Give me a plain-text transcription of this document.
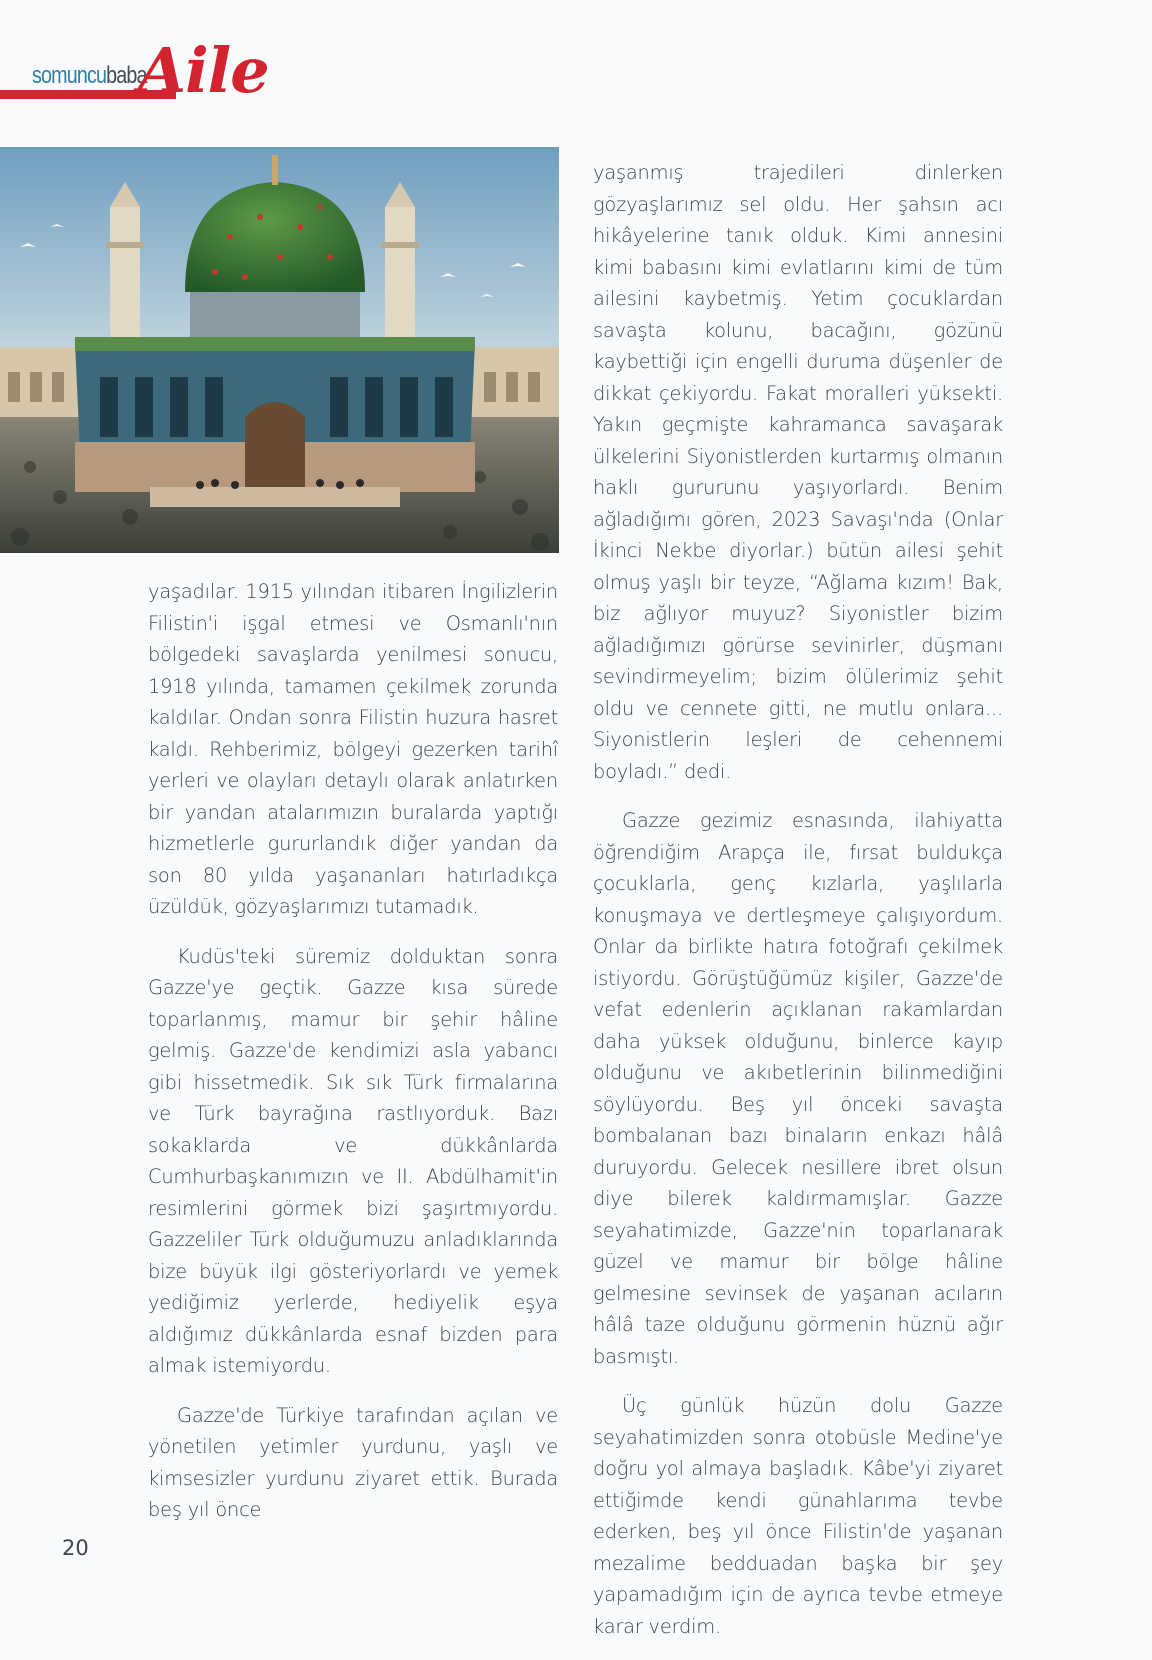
somuncubaba
Aile

yaşadılar. 1915 yılından itibaren İngilizlerin Filistin'i işgal etmesi ve Osmanlı'nın bölgedeki savaşlarda yenilmesi sonucu, 1918 yılında, tamamen çekilmek zorunda kaldılar. Ondan sonra Filistin huzura hasret kaldı. Rehberimiz, bölgeyi gezerken tarihî yerleri ve olayları detaylı olarak anlatırken bir yandan atalarımızın buralarda yaptığı hizmetlerle gururlandık diğer yandan da son 80 yılda yaşananları hatırladıkça üzüldük, gözyaşlarımızı tutamadık.

Kudüs'teki süremiz dolduktan sonra Gazze'ye geçtik. Gazze kısa sürede toparlanmış, mamur bir şehir hâline gelmiş. Gazze'de kendimizi asla yabancı gibi hissetmedik. Sık sık Türk firmalarına ve Türk bayrağına rastlıyorduk. Bazı sokaklarda ve dükkânlarda Cumhurbaşkanımızın ve II. Abdülhamit'in resimlerini görmek bizi şaşırtmıyordu. Gazzeliler Türk olduğumuzu anladıklarında bize büyük ilgi gösteriyorlardı ve yemek yediğimiz yerlerde, hediyelik eşya aldığımız dükkânlarda esnaf bizden para almak istemiyordu.

Gazze'de Türkiye tarafından açılan ve yönetilen yetimler yurdunu, yaşlı ve kimsesizler yurdunu ziyaret ettik. Burada beş yıl önce

yaşanmış trajedileri dinlerken gözyaşlarımız sel oldu. Her şahsın acı hikâyelerine tanık olduk. Kimi annesini kimi babasını kimi evlatlarını kimi de tüm ailesini kaybetmiş. Yetim çocuklardan savaşta kolunu, bacağını, gözünü kaybettiği için engelli duruma düşenler de dikkat çekiyordu. Fakat moralleri yüksekti. Yakın geçmişte kahramanca savaşarak ülkelerini Siyonistlerden kurtarmış olmanın haklı gururunu yaşıyorlardı. Benim ağladığımı gören, 2023 Savaşı'nda (Onlar İkinci Nekbe diyorlar.) bütün ailesi şehit olmuş yaşlı bir teyze, “Ağlama kızım! Bak, biz ağlıyor muyuz? Siyonistler bizim ağladığımızı görürse sevinirler, düşmanı sevindirmeyelim; bizim ölülerimiz şehit oldu ve cennete gitti, ne mutlu onlara... Siyonistlerin leşleri de cehennemi boyladı.” dedi.

Gazze gezimiz esnasında, ilahiyatta öğrendiğim Arapça ile, fırsat buldukça çocuklarla, genç kızlarla, yaşlılarla konuşmaya ve dertleşmeye çalışıyordum. Onlar da birlikte hatıra fotoğrafı çekilmek istiyordu. Görüştüğümüz kişiler, Gazze'de vefat edenlerin açıklanan rakamlardan daha yüksek olduğunu, binlerce kayıp olduğunu ve akıbetlerinin bilinmediğini söylüyordu. Beş yıl önceki savaşta bombalanan bazı binaların enkazı hâlâ duruyordu. Gelecek nesillere ibret olsun diye bilerek kaldırmamışlar. Gazze seyahatimizde, Gazze'nin toparlanarak güzel ve mamur bir bölge hâline gelmesine sevinsek de yaşanan acıların hâlâ taze olduğunu görmenin hüznü ağır basmıştı.

Üç günlük hüzün dolu Gazze seyahatimizden sonra otobüsle Medine'ye doğru yol almaya başladık. Kâbe'yi ziyaret ettiğimde kendi günahlarıma tevbe ederken, beş yıl önce Filistin'de yaşanan mezalime bedduadan başka bir şey yapamadığım için de ayrıca tevbe etmeye karar verdim.

20
